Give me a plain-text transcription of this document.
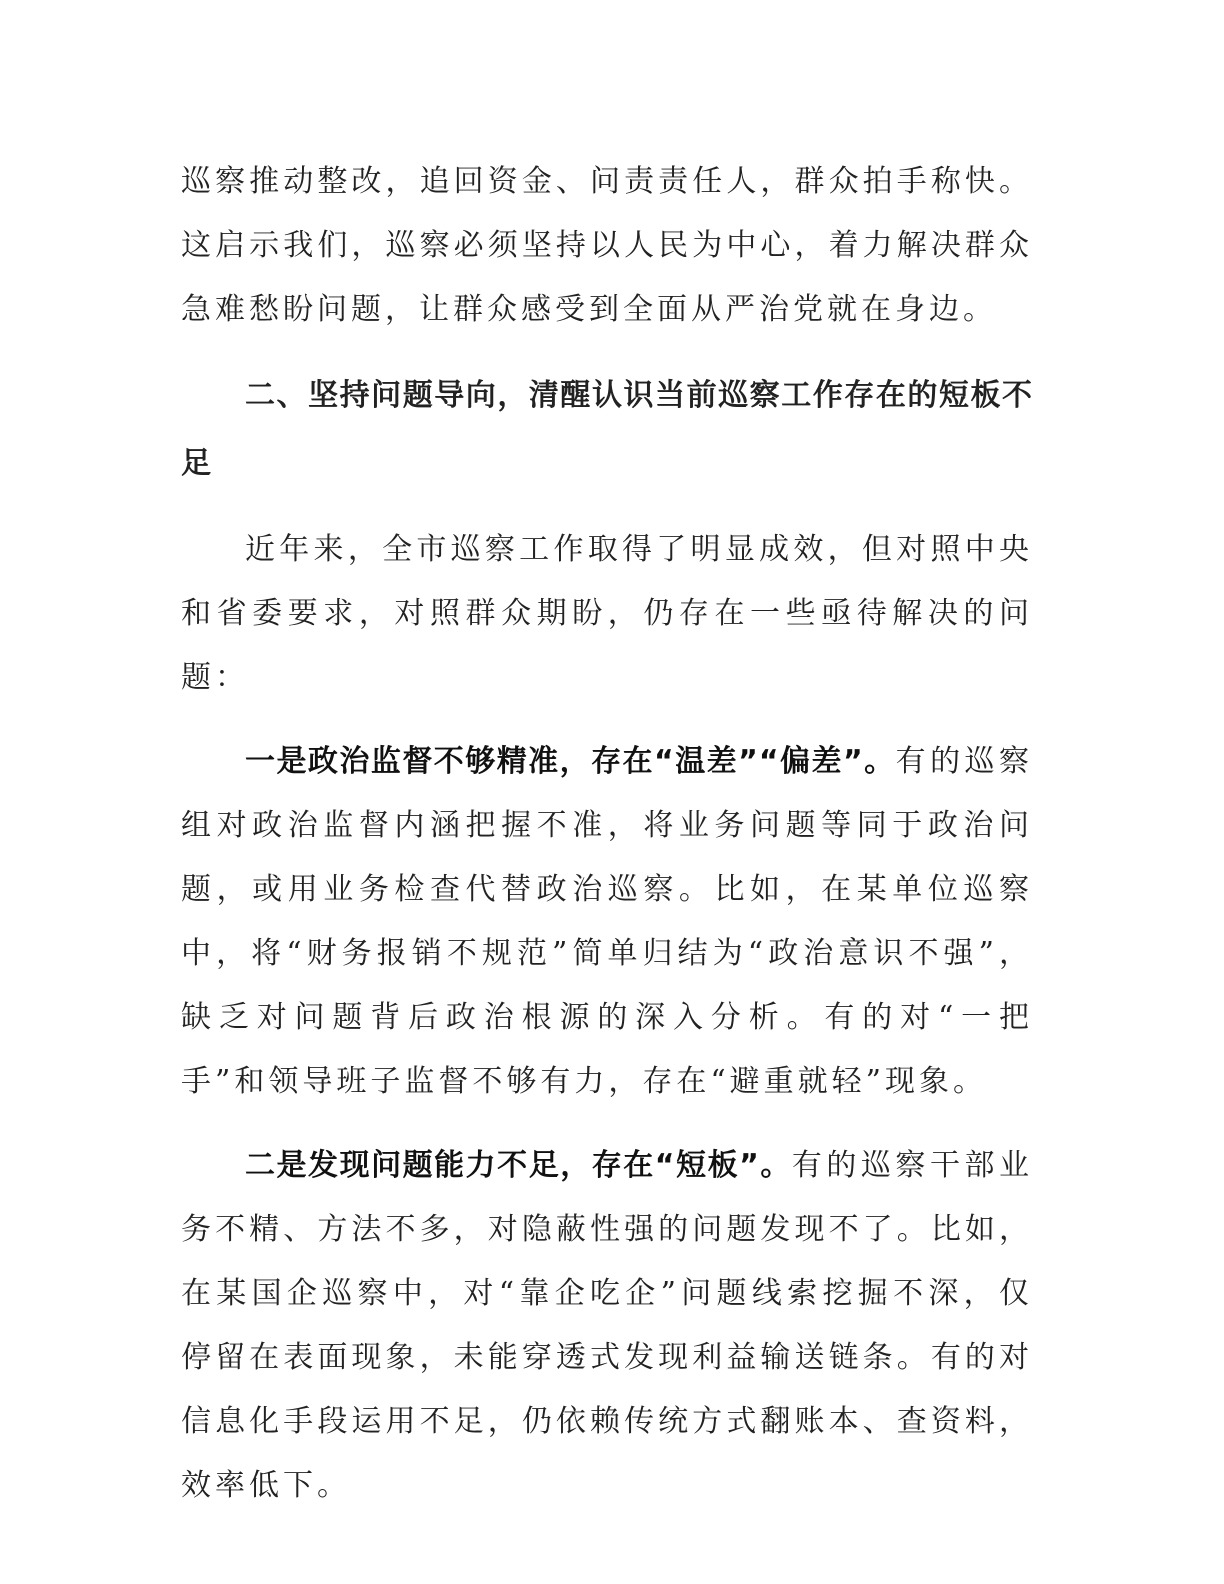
巡察推动整改，追回资金、问责责任人，群众拍手称快。这启示我们，巡察必须坚持以人民为中心，着力解决群众急难愁盼问题，让群众感受到全面从严治党就在身边。

二、坚持问题导向，清醒认识当前巡察工作存在的短板不足

近年来，全市巡察工作取得了明显成效，但对照中央和省委要求，对照群众期盼，仍存在一些亟待解决的问题：

一是政治监督不够精准，存在“温差”“偏差”。有的巡察组对政治监督内涵把握不准，将业务问题等同于政治问题，或用业务检查代替政治巡察。比如，在某单位巡察中，将“财务报销不规范”简单归结为“政治意识不强”，缺乏对问题背后政治根源的深入分析。有的对“一把手”和领导班子监督不够有力，存在“避重就轻”现象。

二是发现问题能力不足，存在“短板”。有的巡察干部业务不精、方法不多，对隐蔽性强的问题发现不了。比如，在某国企巡察中，对“靠企吃企”问题线索挖掘不深，仅停留在表面现象，未能穿透式发现利益输送链条。有的对信息化手段运用不足，仍依赖传统方式翻账本、查资料，效率低下。
